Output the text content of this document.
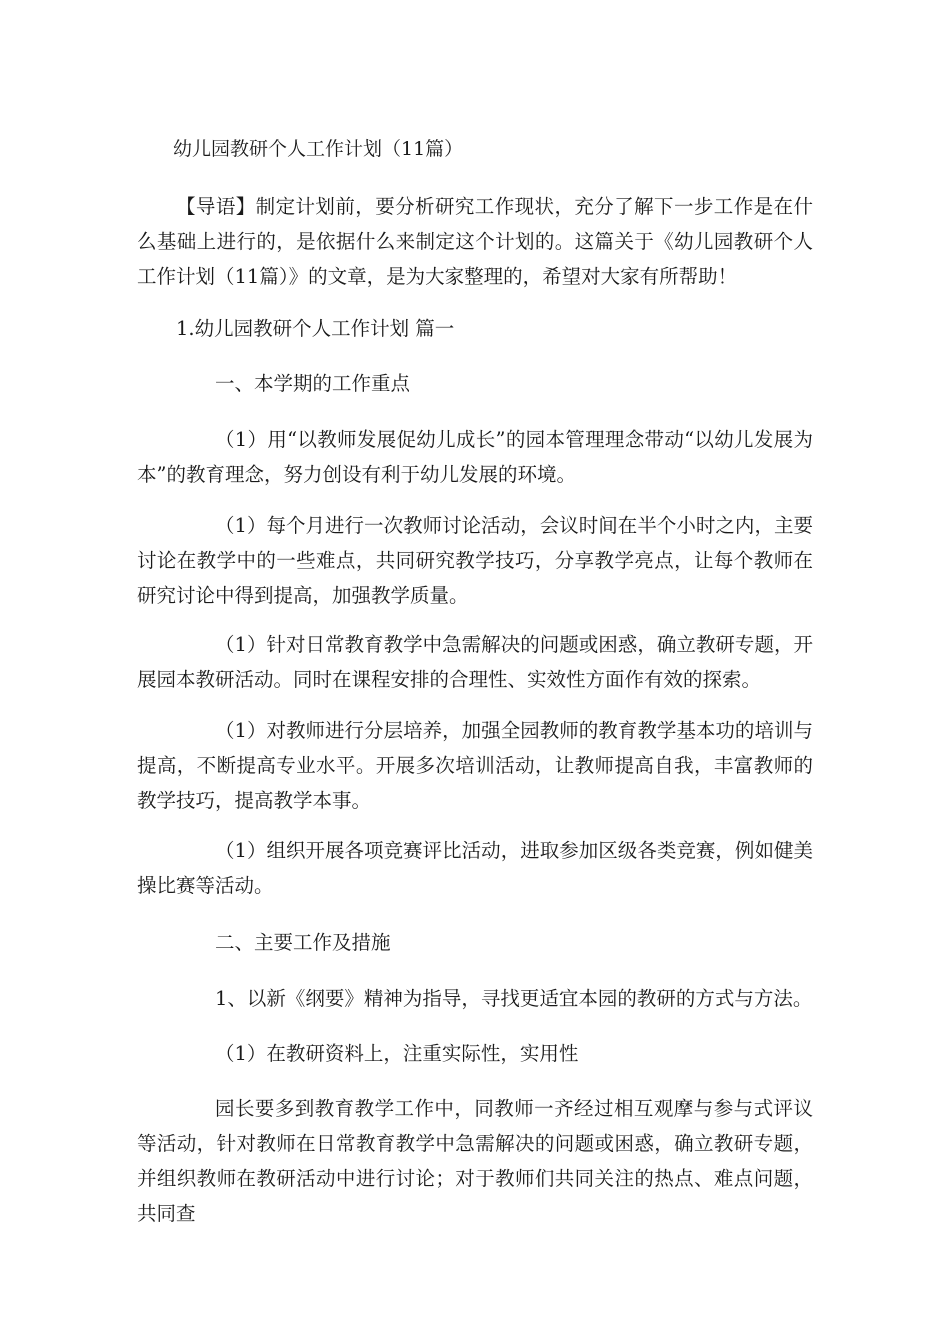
幼儿园教研个人工作计划（11篇）
【导语】制定计划前，要分析研究工作现状，充分了解下一步工作是在什么基础上进行的，是依据什么来制定这个计划的。这篇关于《幼儿园教研个人工作计划（11篇）》的文章，是为大家整理的，希望对大家有所帮助！
1.幼儿园教研个人工作计划 篇一
一、本学期的工作重点
（1）用“以教师发展促幼儿成长”的园本管理理念带动“以幼儿发展为本”的教育理念，努力创设有利于幼儿发展的环境。
（1）每个月进行一次教师讨论活动，会议时间在半个小时之内，主要讨论在教学中的一些难点，共同研究教学技巧，分享教学亮点，让每个教师在研究讨论中得到提高，加强教学质量。
（1）针对日常教育教学中急需解决的问题或困惑，确立教研专题，开展园本教研活动。同时在课程安排的合理性、实效性方面作有效的探索。
（1）对教师进行分层培养，加强全园教师的教育教学基本功的培训与提高，不断提高专业水平。开展多次培训活动，让教师提高自我，丰富教师的教学技巧，提高教学本事。
（1）组织开展各项竞赛评比活动，进取参加区级各类竞赛，例如健美操比赛等活动。
二、主要工作及措施
1、以新《纲要》精神为指导，寻找更适宜本园的教研的方式与方法。
（1）在教研资料上，注重实际性，实用性
园长要多到教育教学工作中，同教师一齐经过相互观摩与参与式评议等活动，针对教师在日常教育教学中急需解决的问题或困惑，确立教研专题，并组织教师在教研活动中进行讨论；对于教师们共同关注的热点、难点问题，共同查
